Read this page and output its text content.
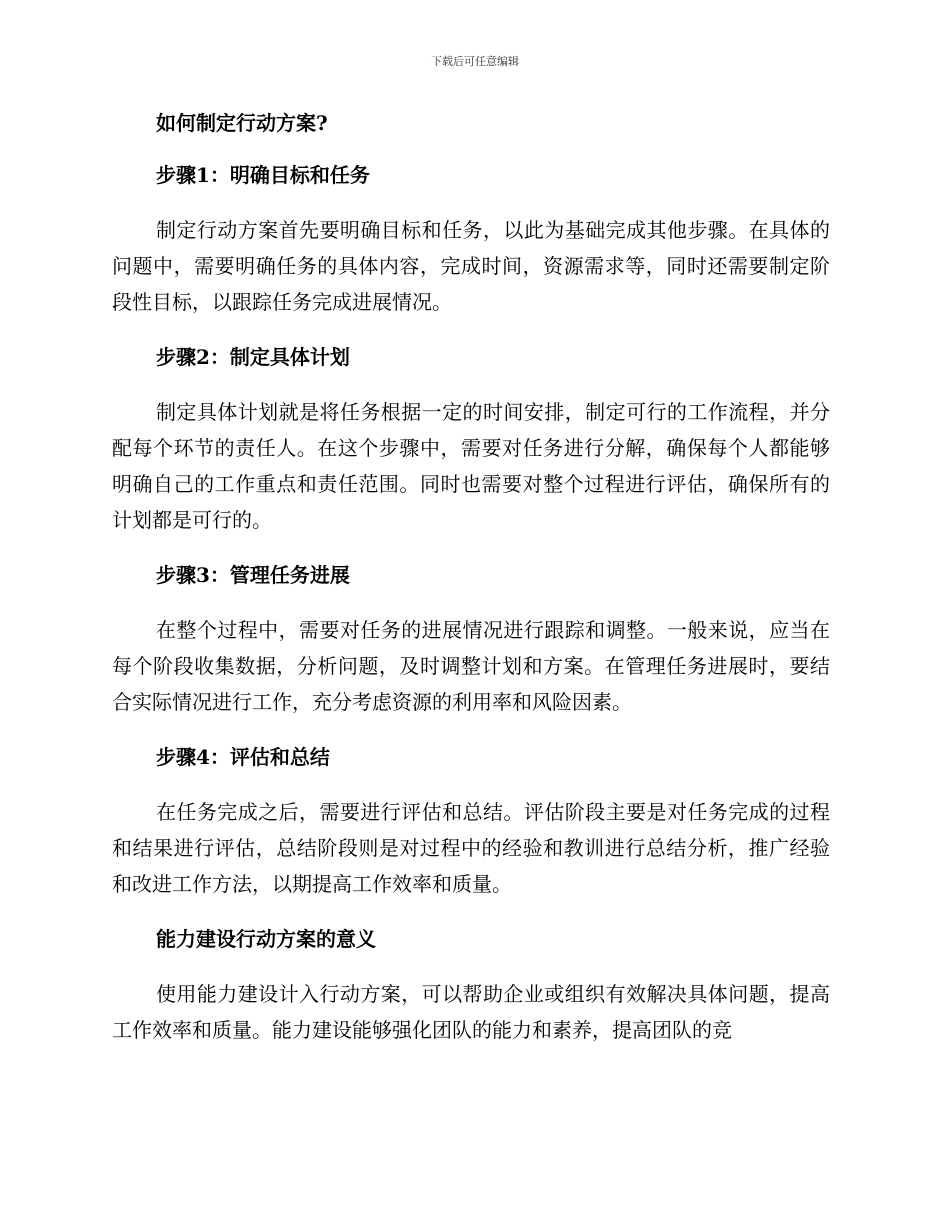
下载后可任意编辑

如何制定行动方案?

步骤1：明确目标和任务

制定行动方案首先要明确目标和任务，以此为基础完成其他步骤。在具体的问题中，需要明确任务的具体内容，完成时间，资源需求等，同时还需要制定阶段性目标，以跟踪任务完成进展情况。

步骤2：制定具体计划

制定具体计划就是将任务根据一定的时间安排，制定可行的工作流程，并分配每个环节的责任人。在这个步骤中，需要对任务进行分解，确保每个人都能够明确自己的工作重点和责任范围。同时也需要对整个过程进行评估，确保所有的计划都是可行的。

步骤3：管理任务进展

在整个过程中，需要对任务的进展情况进行跟踪和调整。一般来说，应当在每个阶段收集数据，分析问题，及时调整计划和方案。在管理任务进展时，要结合实际情况进行工作，充分考虑资源的利用率和风险因素。

步骤4：评估和总结

在任务完成之后，需要进行评估和总结。评估阶段主要是对任务完成的过程和结果进行评估，总结阶段则是对过程中的经验和教训进行总结分析，推广经验和改进工作方法，以期提高工作效率和质量。

能力建设行动方案的意义

使用能力建设计入行动方案，可以帮助企业或组织有效解决具体问题，提高工作效率和质量。能力建设能够强化团队的能力和素养，提高团队的竞
